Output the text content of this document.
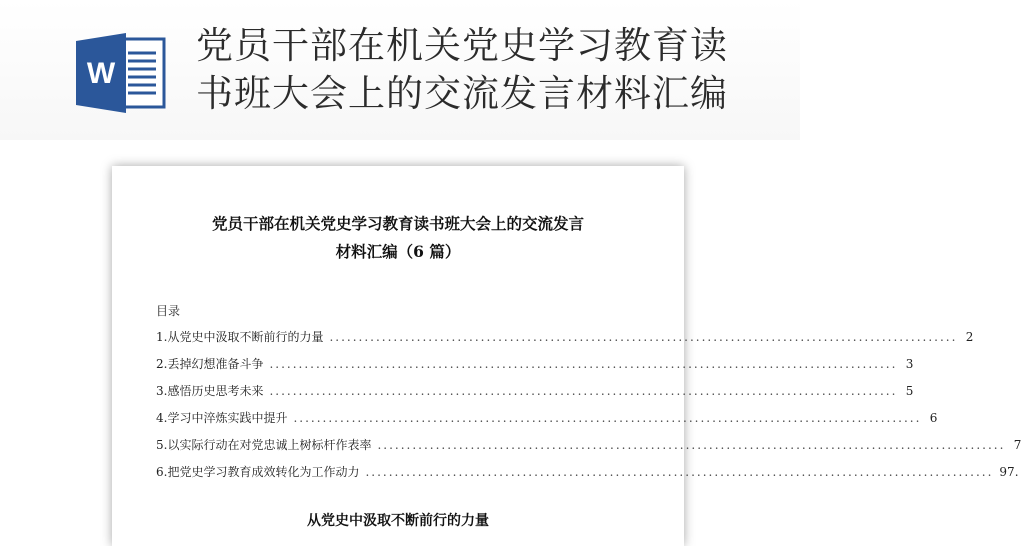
W
党员干部在机关党史学习教育读
书班大会上的交流发言材料汇编
党员干部在机关党史学习教育读书班大会上的交流发言
材料汇编（6 篇）
目录
1.从党史中汲取不断前行的力量 ............................................................................................................ 2
2.丢掉幻想准备斗争 ............................................................................................................ 3
3.感悟历史思考未来 ............................................................................................................ 5
4.学习中淬炼实践中提升 ............................................................................................................ 6
5.以实际行动在对党忠诚上树标杆作表率 ............................................................................................................ 7
6.把党史学习教育成效转化为工作动力 ............................................................................................................ 97.
从党史中汲取不断前行的力量
